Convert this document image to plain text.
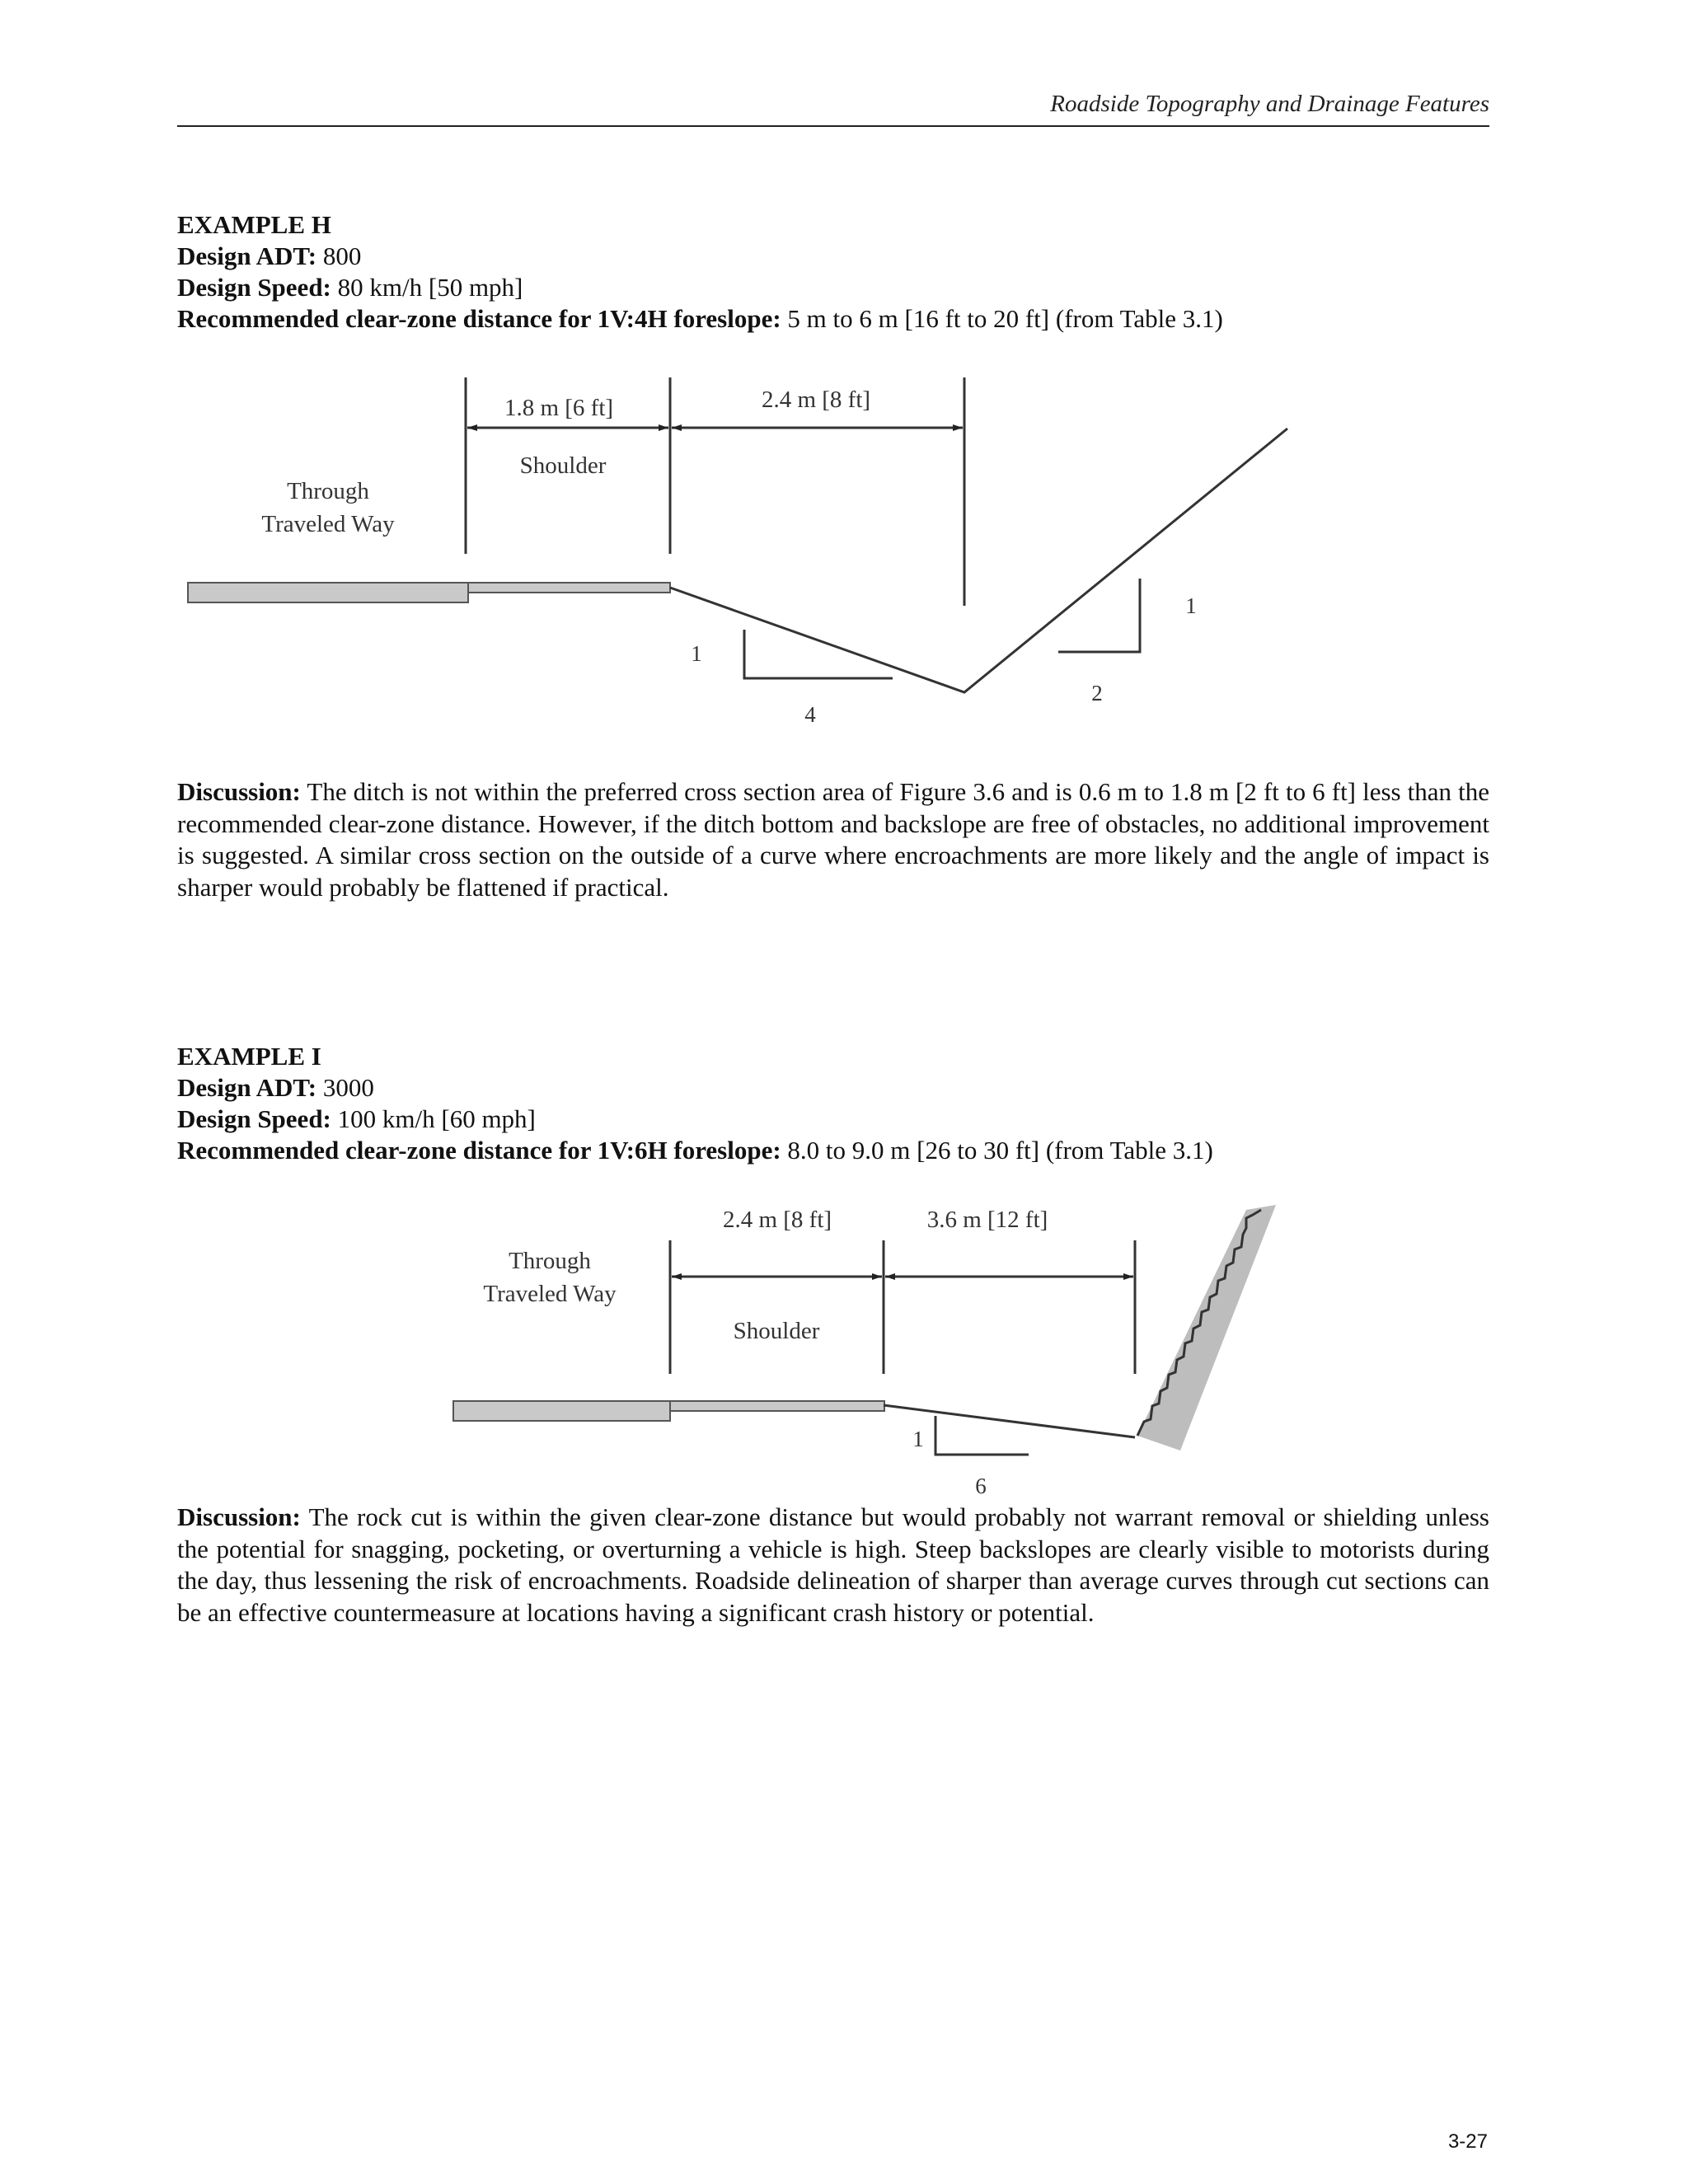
Roadside Topography and Drainage Features
EXAMPLE H
Design ADT: 800
Design Speed: 80 km/h [50 mph]
Recommended clear-zone distance for 1V:4H foreslope: 5 m to 6 m [16 ft to 20 ft] (from Table 3.1)
1.8 m [6 ft]	2.4 m [8 ft]
Shoulder
Through
Traveled Way
1
4
1
2
Discussion: The ditch is not within the preferred cross section area of Figure 3.6 and is 0.6 m to 1.8 m [2 ft to 6 ft] less than the recommended clear-zone distance. However, if the ditch bottom and backslope are free of obstacles, no additional improvement is suggested. A similar cross section on the outside of a curve where encroachments are more likely and the angle of impact is sharper would probably be flattened if practical.
EXAMPLE I
Design ADT: 3000
Design Speed: 100 km/h [60 mph]
Recommended clear-zone distance for 1V:6H foreslope: 8.0 to 9.0 m [26 to 30 ft] (from Table 3.1)
2.4 m [8 ft]	3.6 m [12 ft]
Shoulder
Through
Traveled Way
1
6
Discussion: The rock cut is within the given clear-zone distance but would probably not warrant removal or shielding unless the potential for snagging, pocketing, or overturning a vehicle is high. Steep backslopes are clearly visible to motorists during the day, thus lessening the risk of encroachments. Roadside delineation of sharper than average curves through cut sections can be an effective countermeasure at locations having a significant crash history or potential.
3-27
